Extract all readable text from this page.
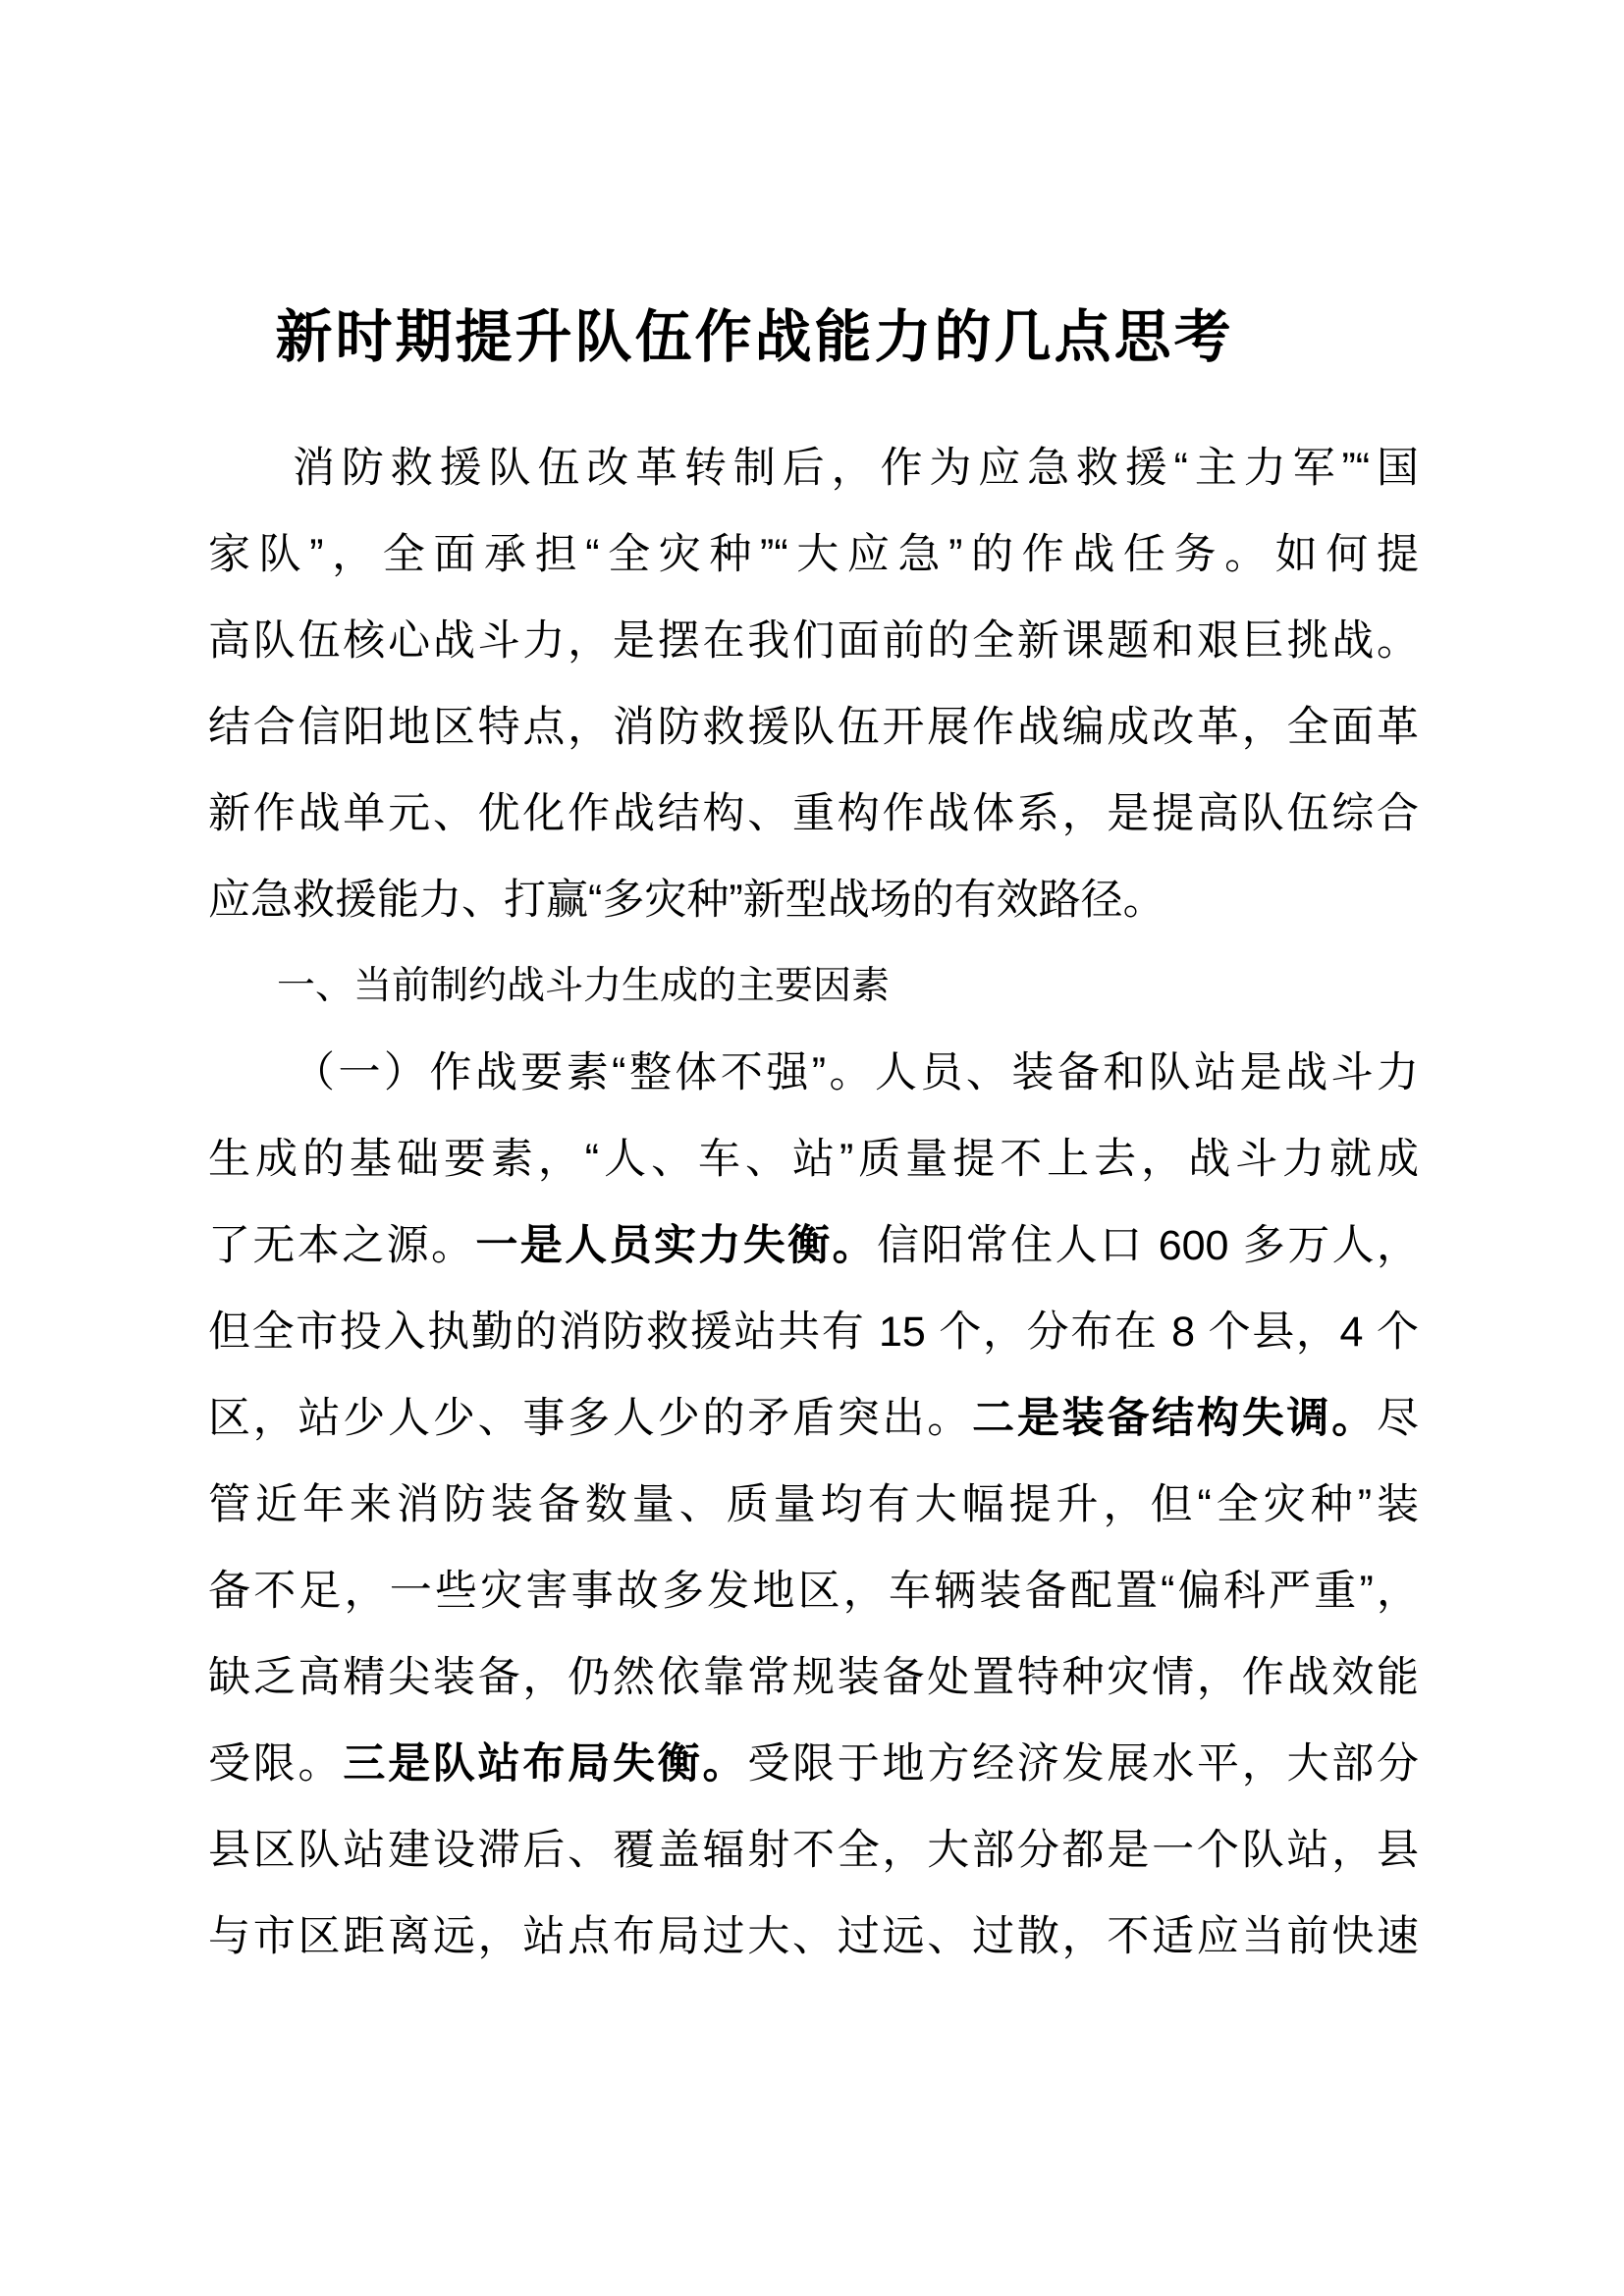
新时期提升队伍作战能力的几点思考
消防救援队伍改革转制后，作为应急救援“主力军”“国
家队”，全面承担“全灾种”“大应急”的作战任务。如何提
高队伍核心战斗力，是摆在我们面前的全新课题和艰巨挑战。
结合信阳地区特点，消防救援队伍开展作战编成改革，全面革
新作战单元、优化作战结构、重构作战体系，是提高队伍综合
应急救援能力、打赢“多灾种”新型战场的有效路径。
一、当前制约战斗力生成的主要因素
（一）作战要素“整体不强”。人员、装备和队站是战斗力
生成的基础要素，“人、车、站”质量提不上去，战斗力就成
了无本之源。一是人员实力失衡。信阳常住人口 600 多万人，
但全市投入执勤的消防救援站共有 15 个，分布在 8 个县，4 个
区，站少人少、事多人少的矛盾突出。二是装备结构失调。尽
管近年来消防装备数量、质量均有大幅提升，但“全灾种”装
备不足，一些灾害事故多发地区，车辆装备配置“偏科严重”，
缺乏高精尖装备，仍然依靠常规装备处置特种灾情，作战效能
受限。三是队站布局失衡。受限于地方经济发展水平，大部分
县区队站建设滞后、覆盖辐射不全，大部分都是一个队站，县
与市区距离远，站点布局过大、过远、过散，不适应当前快速
